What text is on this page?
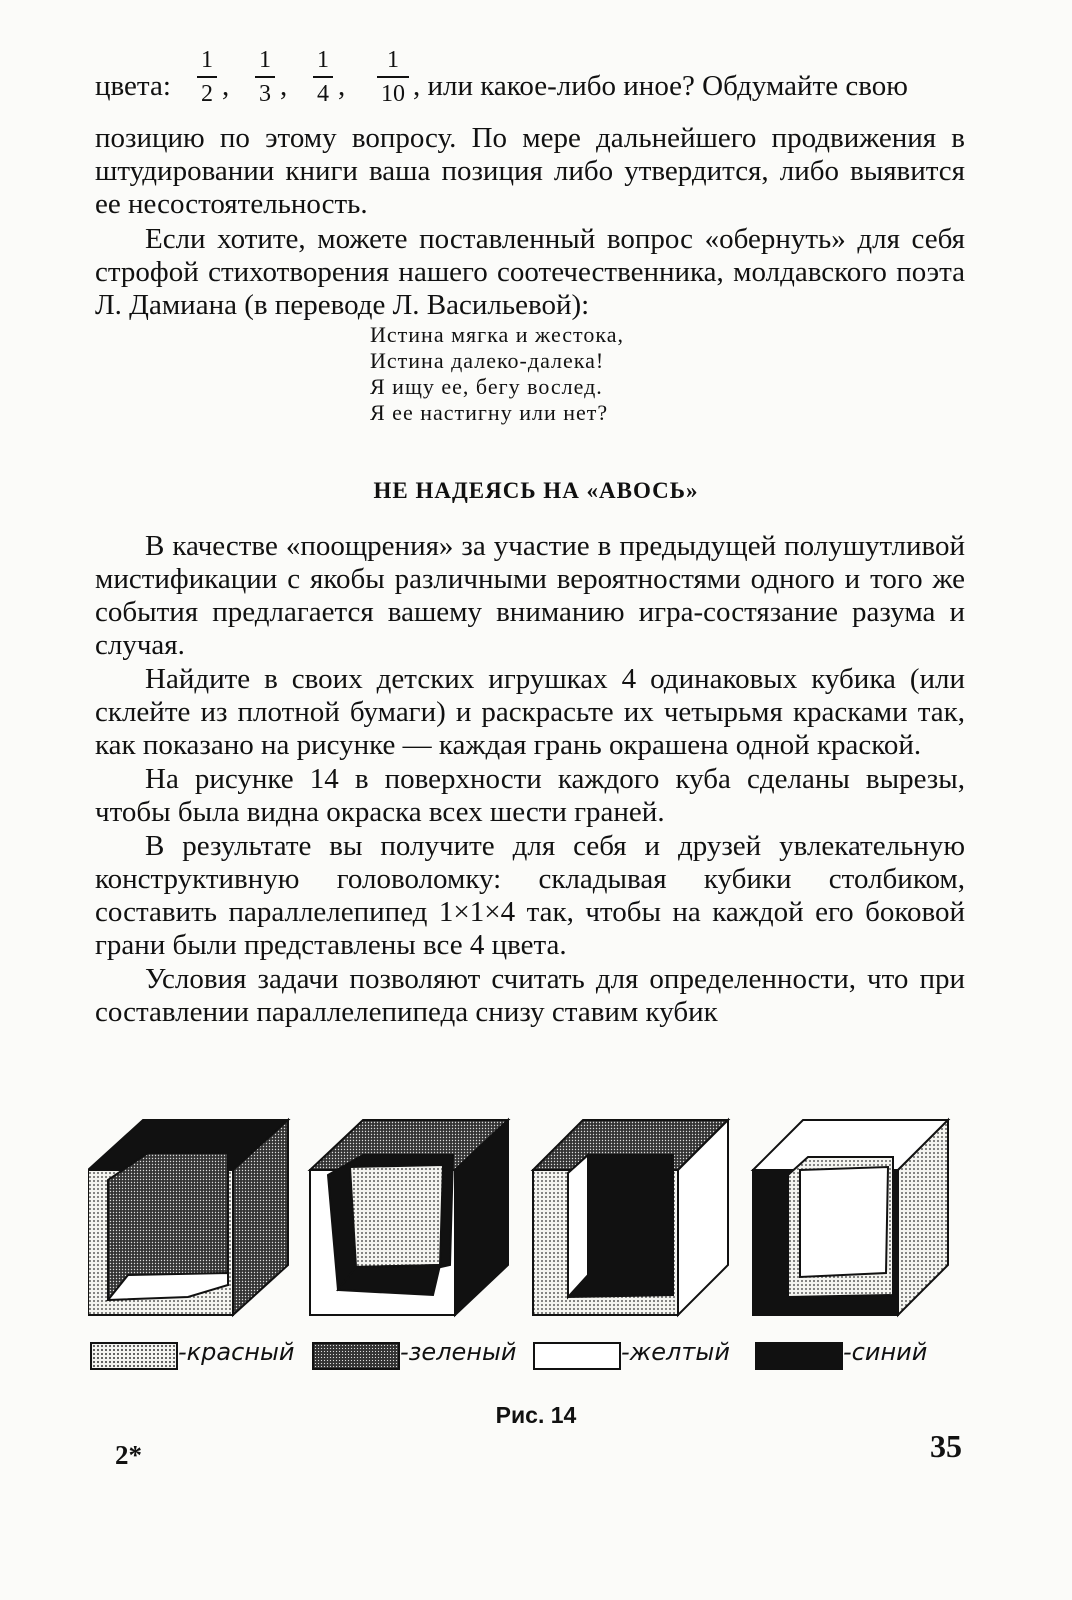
цвета:
1
2 ,
1
3 ,
1
4 ,
1
10 , или какое-либо иное? Обдумайте свою

позицию по этому вопросу. По мере дальнейшего продвижения в штудировании книги ваша позиция либо утвердится, либо выявится ее несостоятельность.

Если хотите, можете поставленный вопрос «обернуть» для себя строфой стихотворения нашего соотечественника, молдавского поэта Л. Дамиана (в переводе Л. Васильевой):

Истина мягка и жестока,
Истина далеко-далека!
Я ищу ее, бегу вослед.
Я ее настигну или нет?
НЕ НАДЕЯСЬ НА «АВОСЬ»

В качестве «поощрения» за участие в предыдущей полушутливой мистификации с якобы различными вероятностями одного и того же события предлагается вашему вниманию игра-состязание разума и случая.

Найдите в своих детских игрушках 4 одинаковых кубика (или склейте из плотной бумаги) и раскрасьте их четырьмя красками так, как показано на рисунке — каждая грань окрашена одной краской.

На рисунке 14 в поверхности каждого куба сделаны вырезы, чтобы была видна окраска всех шести граней.

В результате вы получите для себя и друзей увлекательную конструктивную головоломку: складывая кубики столбиком, составить параллелепипед 1×1×4 так, чтобы на каждой его боковой грани были представлены все 4 цвета.

Условия задачи позволяют считать для определенности, что при составлении параллелепипеда снизу ставим кубик

-красный	-зеленый	-желтый	-синий
Рис. 14
2*	35
